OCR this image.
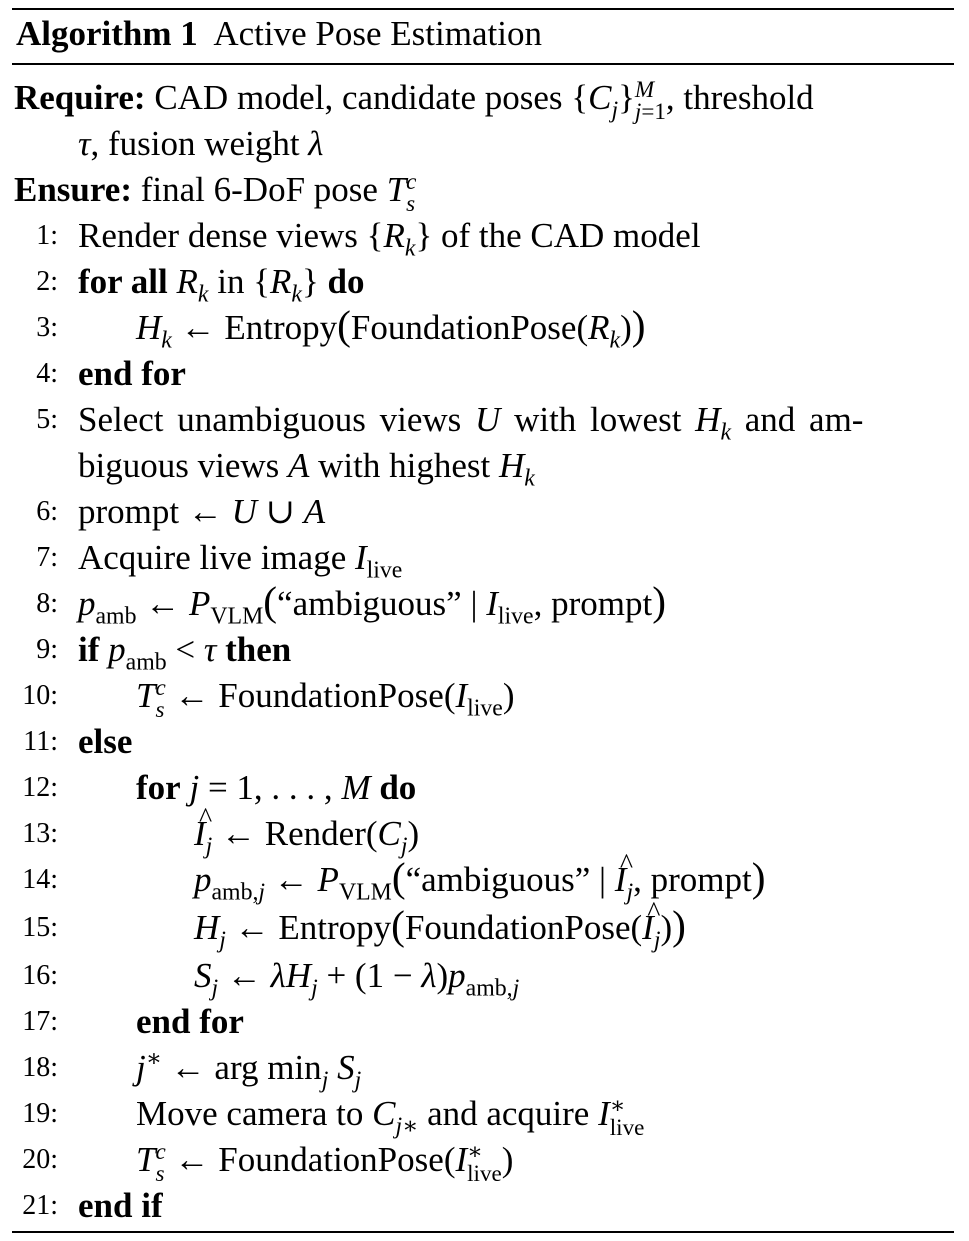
Algorithm 1 Active Pose Estimation
Require: CAD model, candidate poses $\{C_j\}$ M
j=1 , threshold
τ, fusion weight λ
Ensure: final 6-DoF pose T c
s
1: Render dense views $\{R_k\}$ of the CAD model
2: for all $R_k$ in $\{R_k\}$ do
3: $H_k$ ← $Entropy(FoundationPose(R_k))$
4: end for
5: Select unambiguous views U with lowest $H_k$ and am-
biguous views A with highest $H_k$
6: prompt ← U ∪ A
7: Acquire live image $I_{live}$
8: $p_{amb}$ ← $P_{VLM}(“ambiguous$” | $I_{live}$, prompt)
9: if $p_{amb} < \tau$ then
10: T c
s ← $FoundationPose(I_{live})$
11: else
12: for j = 1, . . . , M do
13:
^	$I_j$ ← $Render(C_j)$
14:	$p_{amb,j}$ ← $P_{VLM}(“ambiguous$” | ^ $I_j$, prompt)
15:	$H_j$ ← Entropy(FoundationPose(^ $I_j$))
16:	$S_j$ ← $\lambda H_j + (1 - \lambda)p_{amb,j}$
17: end for
18: j∗ ← arg $\min_j S_j$
19: Move camera to $C_{j∗}$ and acquire I ∗
live
20: T c
s ← FoundationPose(I ∗
live )
21: end if
